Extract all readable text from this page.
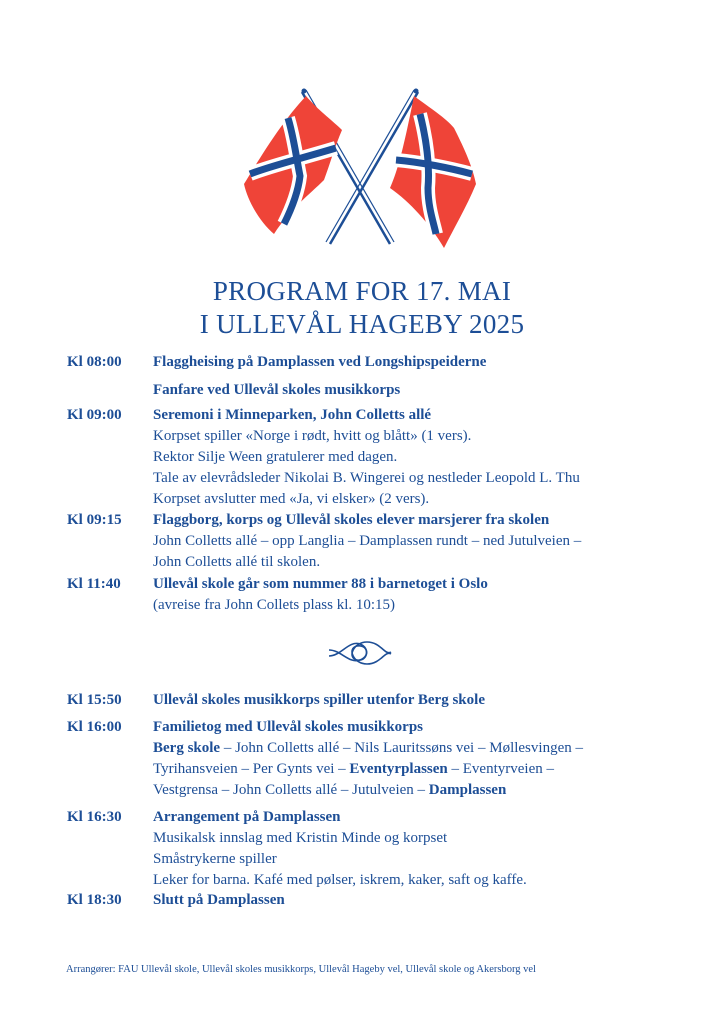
PROGRAM FOR 17. MAI
I ULLEVÅL HAGEBY 2025
Kl 08:00 Flaggheising på Damplassen ved Longshipspeiderne
Fanfare ved Ullevål skoles musikkorps
Kl 09:00 Seremoni i Minneparken, John Colletts allé
Korpset spiller «Norge i rødt, hvitt og blått» (1 vers).
Rektor Silje Ween gratulerer med dagen.
Tale av elevrådsleder Nikolai B. Wingerei og nestleder Leopold L. Thu
Korpset avslutter med «Ja, vi elsker» (2 vers).
Kl 09:15 Flaggborg, korps og Ullevål skoles elever marsjerer fra skolen
John Colletts allé – opp Langlia – Damplassen rundt – ned Jutulveien –
John Colletts allé til skolen.
Kl 11:40 Ullevål skole går som nummer 88 i barnetoget i Oslo
(avreise fra John Collets plass kl. 10:15)
Kl 15:50 Ullevål skoles musikkorps spiller utenfor Berg skole
Kl 16:00 Familietog med Ullevål skoles musikkorps
Berg skole – John Colletts allé – Nils Lauritssøns vei – Møllesvingen –
Tyrihansveien – Per Gynts vei – Eventyrplassen – Eventyrveien –
Vestgrensa – John Colletts allé – Jutulveien – Damplassen
Kl 16:30 Arrangement på Damplassen
Musikalsk innslag med Kristin Minde og korpset
Småstrykerne spiller
Leker for barna. Kafé med pølser, iskrem, kaker, saft og kaffe.
Kl 18:30 Slutt på Damplassen
Arrangører: FAU Ullevål skole, Ullevål skoles musikkorps, Ullevål Hageby vel, Ullevål skole og Akersborg vel
